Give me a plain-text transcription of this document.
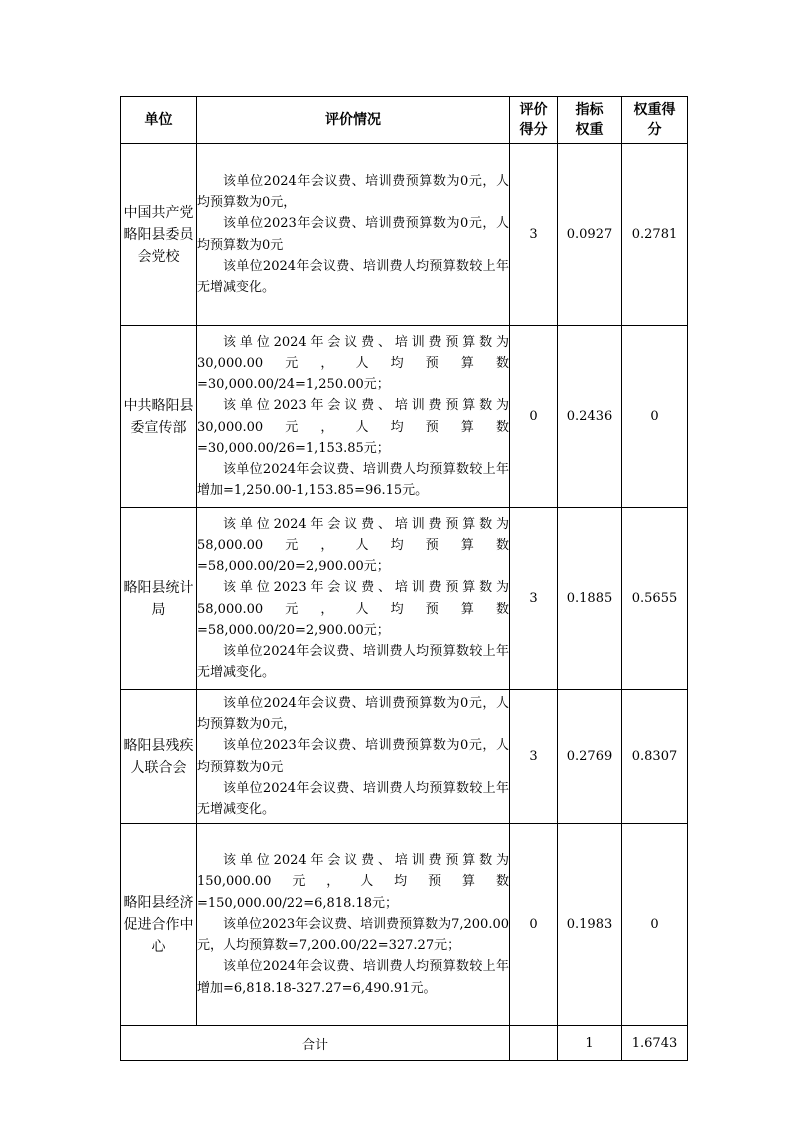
单位	评价情况	评价得分	指标权重	权重得分
中国共产党略阳县委员会党校	该单位2024年会议费、培训费预算数为0元，人均预算数为0元，

该单位2023年会议费、培训费预算数为0元，人均预算数为0元

该单位2024年会议费、培训费人均预算数较上年无增减变化。	3	0.0927	0.2781
中共略阳县委宣传部	该单位2024年会议费、培训费预算数为30,000.00元，人均预算数=30,000.00/24=1,250.00元；

该单位2023年会议费、培训费预算数为30,000.00元，人均预算数=30,000.00/26=1,153.85元；

该单位2024年会议费、培训费人均预算数较上年增加=1,250.00-1,153.85=96.15元。	0	0.2436	0
略阳县统计局	该单位2024年会议费、培训费预算数为58,000.00元，人均预算数=58,000.00/20=2,900.00元；

该单位2023年会议费、培训费预算数为58,000.00元，人均预算数=58,000.00/20=2,900.00元；

该单位2024年会议费、培训费人均预算数较上年无增减变化。	3	0.1885	0.5655
略阳县残疾人联合会	该单位2024年会议费、培训费预算数为0元，人均预算数为0元，

该单位2023年会议费、培训费预算数为0元，人均预算数为0元

该单位2024年会议费、培训费人均预算数较上年无增减变化。	3	0.2769	0.8307
略阳县经济促进合作中心	该单位2024年会议费、培训费预算数为150,000.00元，人均预算数=150,000.00/22=6,818.18元；

该单位2023年会议费、培训费预算数为7,200.00元，人均预算数=7,200.00/22=327.27元；

该单位2024年会议费、培训费人均预算数较上年增加=6,818.18-327.27=6,490.91元。	0	0.1983	0
合计			1	1.6743
